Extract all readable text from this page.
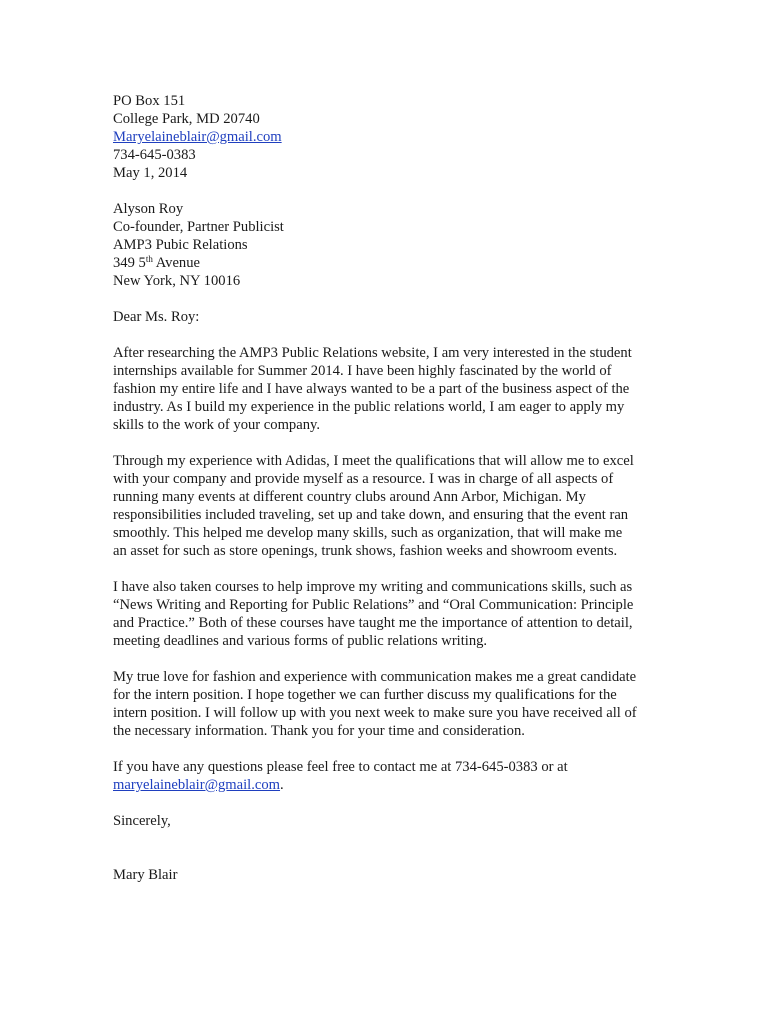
PO Box 151
College Park, MD 20740
Maryelaineblair@gmail.com
734-645-0383
May 1, 2014
Alyson Roy
Co-founder, Partner Publicist
AMP3 Pubic Relations
349 5th Avenue
New York, NY 10016
Dear Ms. Roy:
After researching the AMP3 Public Relations website, I am very interested in the student
internships available for Summer 2014. I have been highly fascinated by the world of
fashion my entire life and I have always wanted to be a part of the business aspect of the
industry. As I build my experience in the public relations world, I am eager to apply my
skills to the work of your company.
Through my experience with Adidas, I meet the qualifications that will allow me to excel
with your company and provide myself as a resource. I was in charge of all aspects of
running many events at different country clubs around Ann Arbor, Michigan. My
responsibilities included traveling, set up and take down, and ensuring that the event ran
smoothly. This helped me develop many skills, such as organization, that will make me
an asset for such as store openings, trunk shows, fashion weeks and showroom events.
I have also taken courses to help improve my writing and communications skills, such as
“News Writing and Reporting for Public Relations” and “Oral Communication: Principle
and Practice.” Both of these courses have taught me the importance of attention to detail,
meeting deadlines and various forms of public relations writing.
My true love for fashion and experience with communication makes me a great candidate
for the intern position. I hope together we can further discuss my qualifications for the
intern position. I will follow up with you next week to make sure you have received all of
the necessary information. Thank you for your time and consideration.
If you have any questions please feel free to contact me at 734-645-0383 or at
maryelaineblair@gmail.com.
Sincerely,
Mary Blair
